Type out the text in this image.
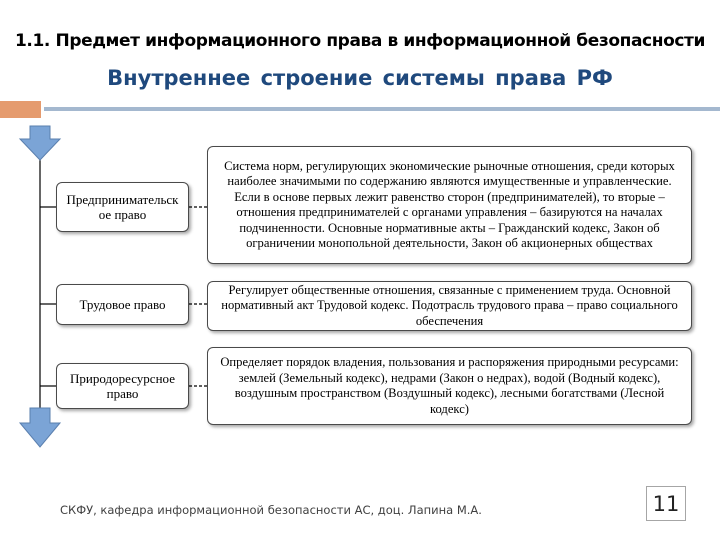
1.1. Предмет информационного права в информационной безопасности
Внутреннее строение системы права РФ
Предпринимательск ое право
Трудовое право
Природоресурсное право
Система норм, регулирующих экономические рыночные отношения, среди которых наиболее значимыми по содержанию являются имущественные и управленческие. Если в основе первых лежит равенство сторон (предпринимателей), то вторые – отношения предпринимателей с органами управления – базируются на началах подчиненности. Основные нормативные акты – Гражданский кодекс, Закон об ограничении монопольной деятельности, Закон об акционерных обществах
Регулирует общественные отношения, связанные с применением труда. Основной нормативный акт Трудовой кодекс. Подотрасль трудового права – право социального обеспечения
Определяет порядок владения, пользования и распоряжения природными ресурсами: землей (Земельный кодекс), недрами (Закон о недрах), водой (Водный кодекс), воздушным пространством (Воздушный кодекс), лесными богатствами (Лесной кодекс)
СКФУ, кафедра информационной безопасности АС, доц. Лапина М.А.	11
